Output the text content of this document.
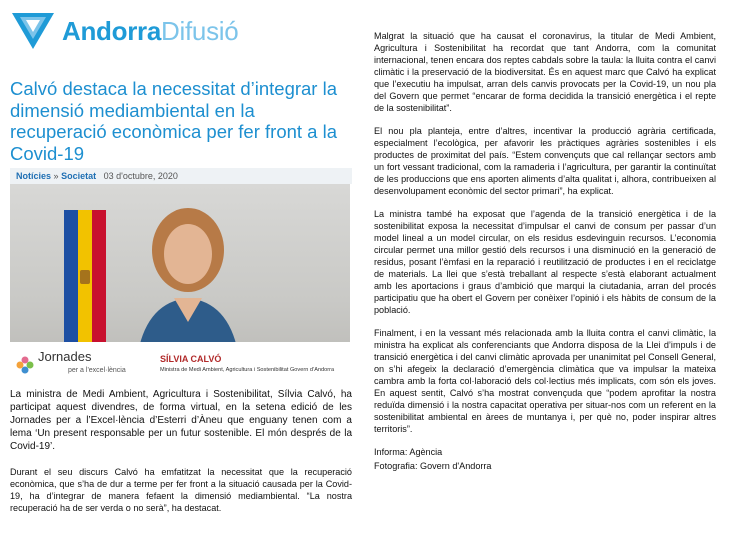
AndorraDifusió
Calvó destaca la necessitat d’integrar la dimensió mediambiental en la recuperació econòmica per fer front a la Covid-19
Notícies » Societat 03 d'octubre, 2020
Jornades
per a l'excel·lència
SÍLVIA CALVÓ
Ministra de Medi Ambient, Agricultura i Sostenibilitat Govern d’Andorra
La ministra de Medi Ambient, Agricultura i Sostenibilitat, Sílvia Calvó, ha participat aquest divendres, de forma virtual, en la setena edició de les Jornades per a l’Excel·lència d’Esterri d’Àneu que enguany tenen com a lema ‘Un present responsable per un futur sostenible. El món després de la Covid-19’.
Durant el seu discurs Calvó ha emfatitzat la necessitat que la recuperació econòmica, que s’ha de dur a terme per fer front a la situació causada per la Covid-19, ha d’integrar de manera fefaent la dimensió mediambiental. “La nostra recuperació ha de ser verda o no serà”, ha destacat.

Malgrat la situació que ha causat el coronavirus, la titular de Medi Ambient, Agricultura i Sostenibilitat ha recordat que tant Andorra, com la comunitat internacional, tenen encara dos reptes cabdals sobre la taula: la lluita contra el canvi climàtic i la preservació de la biodiversitat. És en aquest marc que Calvó ha explicat que l’executiu ha impulsat, arran dels canvis provocats per la Covid-19, un nou pla del Govern que permet “encarar de forma decidida la transició energètica i el repte de la sostenibilitat”.

El nou pla planteja, entre d’altres, incentivar la producció agrària certificada, especialment l’ecològica, per afavorir les pràctiques agràries sostenibles i els productes de proximitat del país. “Estem convençuts que cal rellançar sectors amb un fort vessant tradicional, com la ramaderia i l’agricultura, per garantir la continuïtat de les produccions que ens aporten aliments d’alta qualitat i, alhora, contribueixen al desenvolupament econòmic del sector primari”, ha explicat.

La ministra també ha exposat que l’agenda de la transició energètica i de la sostenibilitat exposa la necessitat d’impulsar el canvi de consum per passar d’un model lineal a un model circular, on els residus esdevinguin recursos. L’economia circular permet una millor gestió dels recursos i una disminució en la generació de residus, posant l’èmfasi en la reparació i reutilització de productes i en el reciclatge de materials. La llei que s’està treballant al respecte s’està elaborant actualment amb les aportacions i graus d’ambició que marqui la ciutadania, arran del procés participatiu que ha obert el Govern per conèixer l’opinió i els hàbits de consum de la població.

Finalment, i en la vessant més relacionada amb la lluita contra el canvi climàtic, la ministra ha explicat als conferenciants que Andorra disposa de la Llei d’impuls i de transició energètica i del canvi climàtic aprovada per unanimitat pel Consell General, on s’hi afegeix la declaració d’emergència climàtica que va impulsar la mateixa cambra amb la forta col·laboració dels col·lectius més implicats, com són els joves. En aquest sentit, Calvó s’ha mostrat convençuda que “podem aprofitar la nostra reduïda dimensió i la nostra capacitat operativa per situar-nos com un referent en la sostenibilitat ambiental en àrees de muntanya i, per què no, poder inspirar altres territoris”.

Informa: Agència
Fotografia: Govern d'Andorra
